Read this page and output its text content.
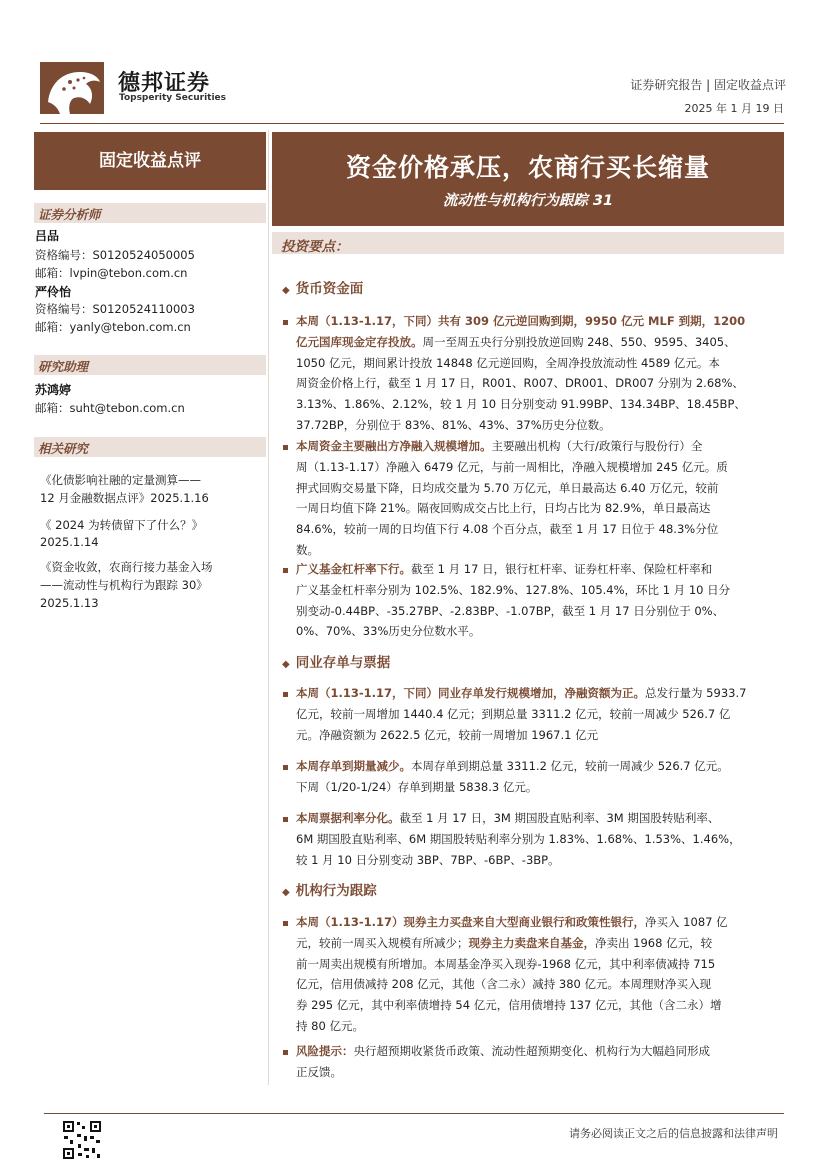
德邦证券
Topsperity Securities
证券研究报告 | 固定收益点评
2025 年 1 月 19 日
固定收益点评
证券分析师
吕品
资格编号：S0120524050005
邮箱：lvpin@tebon.com.cn
严伶怡
资格编号：S0120524110003
邮箱：yanly@tebon.com.cn
研究助理
苏鸿婷
邮箱：suht@tebon.com.cn
相关研究
《化债影响社融的定量测算——
12 月金融数据点评》2025.1.16
《 2024 为转债留下了什么？》
2025.1.14
《资金收敛，农商行接力基金入场
——流动性与机构行为跟踪 30》
2025.1.13
资金价格承压，农商行买长缩量
流动性与机构行为跟踪 31
投资要点：
◆ 货币资金面
本周（1.13-1.17，下同）共有 309 亿元逆回购到期，9950 亿元 MLF 到期，1200
亿元国库现金定存投放。周一至周五央行分别投放逆回购 248、550、9595、3405、
1050 亿元，期间累计投放 14848 亿元逆回购，全周净投放流动性 4589 亿元。本
周资金价格上行，截至 1 月 17 日，R001、R007、DR001、DR007 分别为 2.68%、
3.13%、1.86%、2.12%，较 1 月 10 日分别变动 91.99BP、134.34BP、18.45BP、
37.72BP，分别位于 83%、81%、43%、37%历史分位数。
本周资金主要融出方净融入规模增加。主要融出机构（大行/政策行与股份行）全
周（1.13-1.17）净融入 6479 亿元，与前一周相比，净融入规模增加 245 亿元。质
押式回购交易量下降，日均成交量为 5.70 万亿元，单日最高达 6.40 万亿元，较前
一周日均值下降 21%。隔夜回购成交占比上行，日均占比为 82.9%，单日最高达
84.6%，较前一周的日均值下行 4.08 个百分点，截至 1 月 17 日位于 48.3%分位
数。
广义基金杠杆率下行。截至 1 月 17 日，银行杠杆率、证券杠杆率、保险杠杆率和
广义基金杠杆率分别为 102.5%、182.9%、127.8%、105.4%，环比 1 月 10 日分
别变动-0.44BP、-35.27BP、-2.83BP、-1.07BP，截至 1 月 17 日分别位于 0%、
0%、70%、33%历史分位数水平。
◆ 同业存单与票据
本周（1.13-1.17，下同）同业存单发行规模增加，净融资额为正。总发行量为 5933.7
亿元，较前一周增加 1440.4 亿元；到期总量 3311.2 亿元，较前一周减少 526.7 亿
元。净融资额为 2622.5 亿元，较前一周增加 1967.1 亿元
本周存单到期量减少。本周存单到期总量 3311.2 亿元，较前一周减少 526.7 亿元。
下周（1/20-1/24）存单到期量 5838.3 亿元。
本周票据利率分化。截至 1 月 17 日，3M 期国股直贴利率、3M 期国股转贴利率、
6M 期国股直贴利率、6M 期国股转贴利率分别为 1.83%、1.68%、1.53%、1.46%，
较 1 月 10 日分别变动 3BP、7BP、-6BP、-3BP。
◆ 机构行为跟踪
本周（1.13-1.17）现券主力买盘来自大型商业银行和政策性银行，净买入 1087 亿
元，较前一周买入规模有所减少；现券主力卖盘来自基金，净卖出 1968 亿元，较
前一周卖出规模有所增加。本周基金净买入现券-1968 亿元，其中利率债减持 715
亿元，信用债减持 208 亿元，其他（含二永）减持 380 亿元。本周理财净买入现
券 295 亿元，其中利率债增持 54 亿元，信用债增持 137 亿元，其他（含二永）增
持 80 亿元。
风险提示：央行超预期收紧货币政策、流动性超预期变化、机构行为大幅趋同形成
正反馈。
请务必阅读正文之后的信息披露和法律声明
